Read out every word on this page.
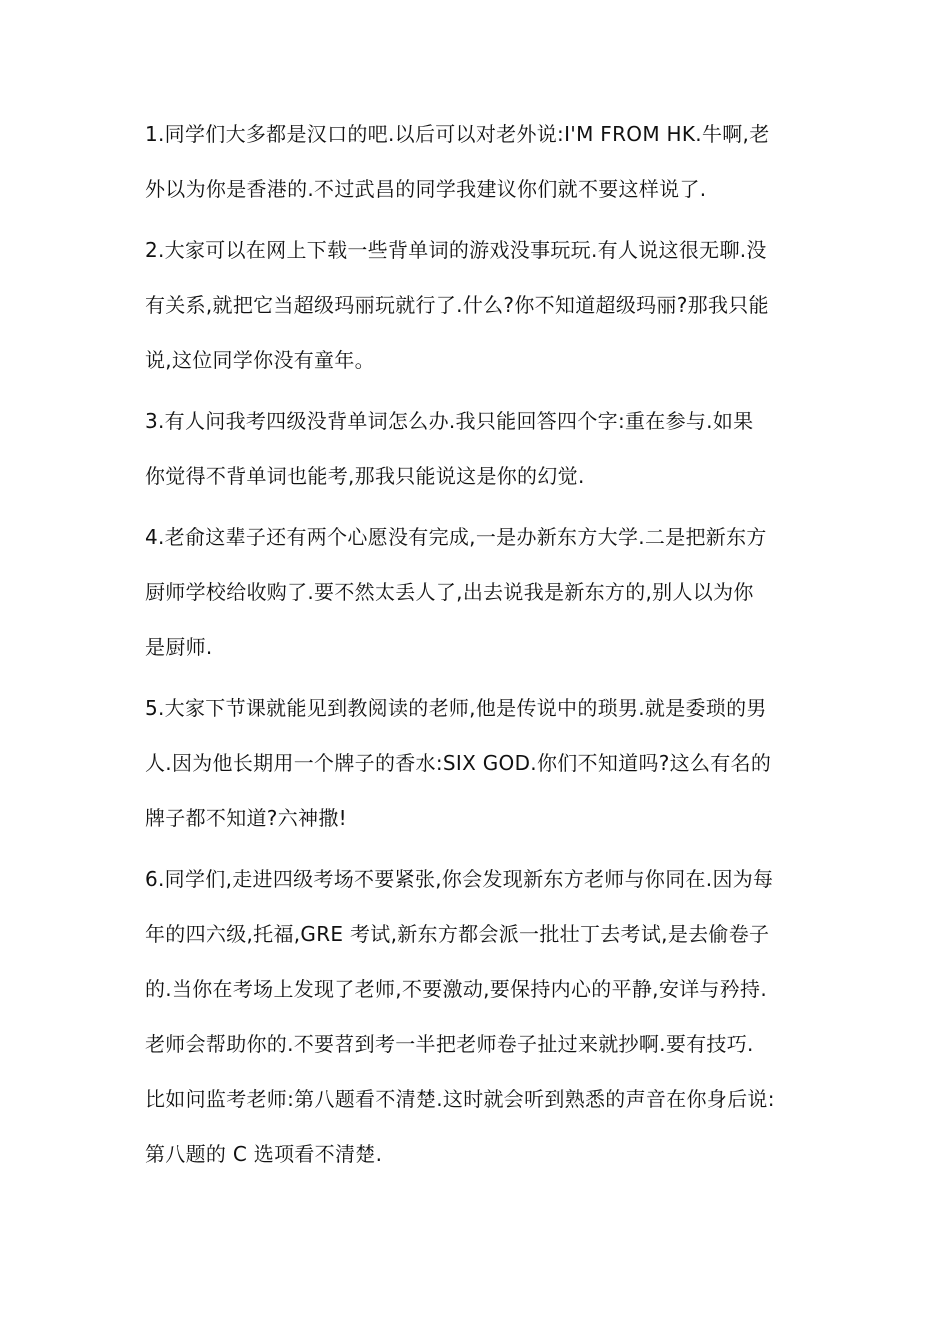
1.同学们大多都是汉口的吧.以后可以对老外说:I'M FROM HK.牛啊,老
外以为你是香港的.不过武昌的同学我建议你们就不要这样说了.
2.大家可以在网上下载一些背单词的游戏没事玩玩.有人说这很无聊.没
有关系,就把它当超级玛丽玩就行了.什么?你不知道超级玛丽?那我只能
说,这位同学你没有童年。
3.有人问我考四级没背单词怎么办.我只能回答四个字:重在参与.如果
你觉得不背单词也能考,那我只能说这是你的幻觉.
4.老俞这辈子还有两个心愿没有完成,一是办新东方大学.二是把新东方
厨师学校给收购了.要不然太丢人了,出去说我是新东方的,别人以为你
是厨师.
5.大家下节课就能见到教阅读的老师,他是传说中的琐男.就是委琐的男
人.因为他长期用一个牌子的香水:SIX GOD.你们不知道吗?这么有名的
牌子都不知道?六神撒!
6.同学们,走进四级考场不要紧张,你会发现新东方老师与你同在.因为每
年的四六级,托福,GRE 考试,新东方都会派一批壮丁去考试,是去偷卷子
的.当你在考场上发现了老师,不要激动,要保持内心的平静,安详与矜持.
老师会帮助你的.不要苕到考一半把老师卷子扯过来就抄啊.要有技巧.
比如问监考老师:第八题看不清楚.这时就会听到熟悉的声音在你身后说:
第八题的 C 选项看不清楚.
